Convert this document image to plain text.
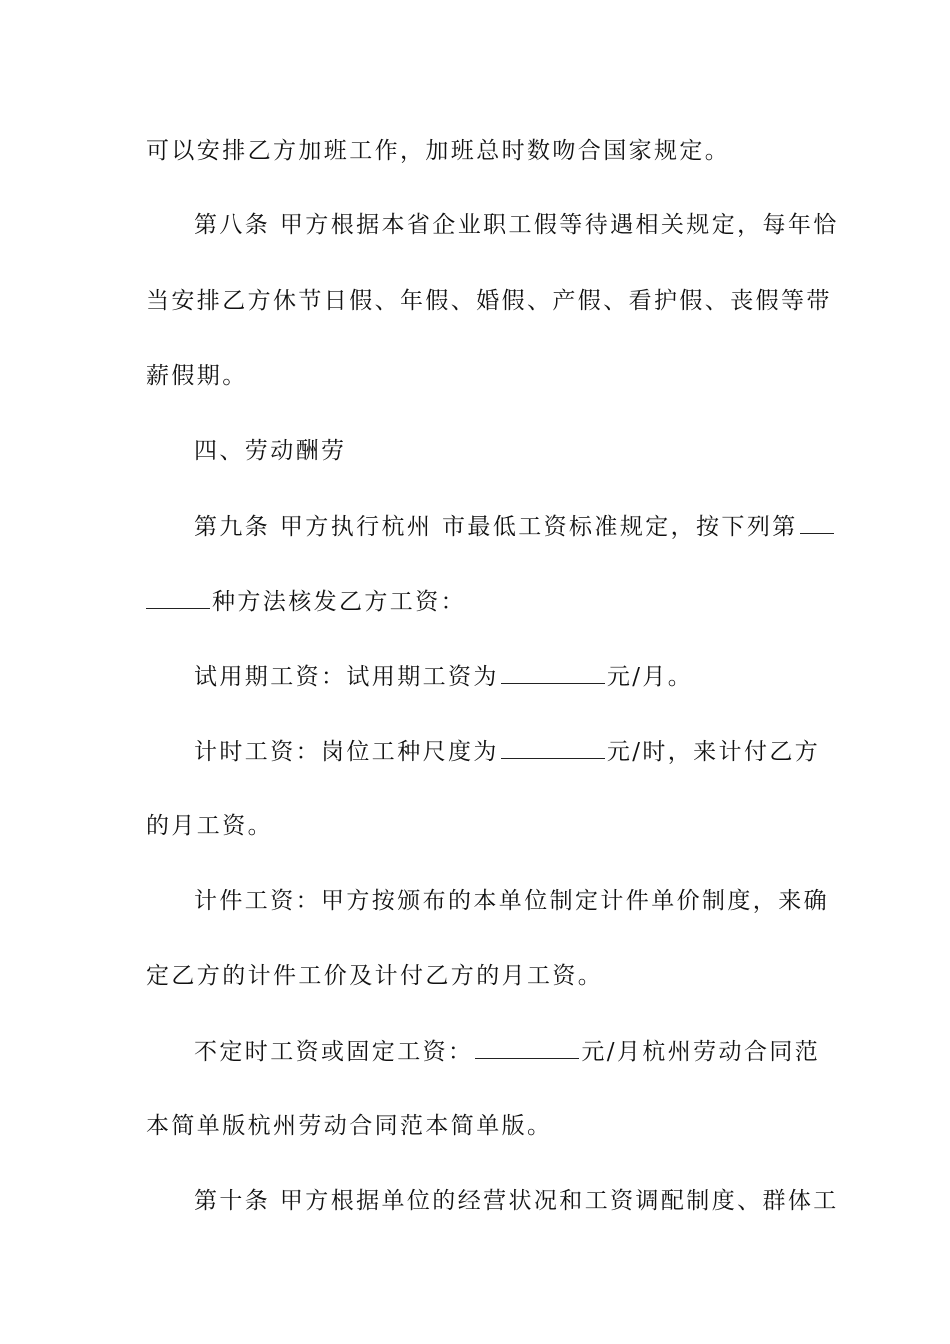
可以安排乙方加班工作，加班总时数吻合国家规定。
第八条 甲方根据本省企业职工假等待遇相关规定，每年恰
当安排乙方休节日假、年假、婚假、产假、看护假、丧假等带
薪假期。
四、劳动酬劳
第九条 甲方执行杭州 市最低工资标准规定，按下列第
种方法核发乙方工资：
试用期工资：试用期工资为	元/月。
计时工资：岗位工种尺度为	元/时，来计付乙方
的月工资。
计件工资：甲方按颁布的本单位制定计件单价制度，来确
定乙方的计件工价及计付乙方的月工资。
不定时工资或固定工资：	元/月杭州劳动合同范
本简单版杭州劳动合同范本简单版。
第十条 甲方根据单位的经营状况和工资调配制度、群体工
